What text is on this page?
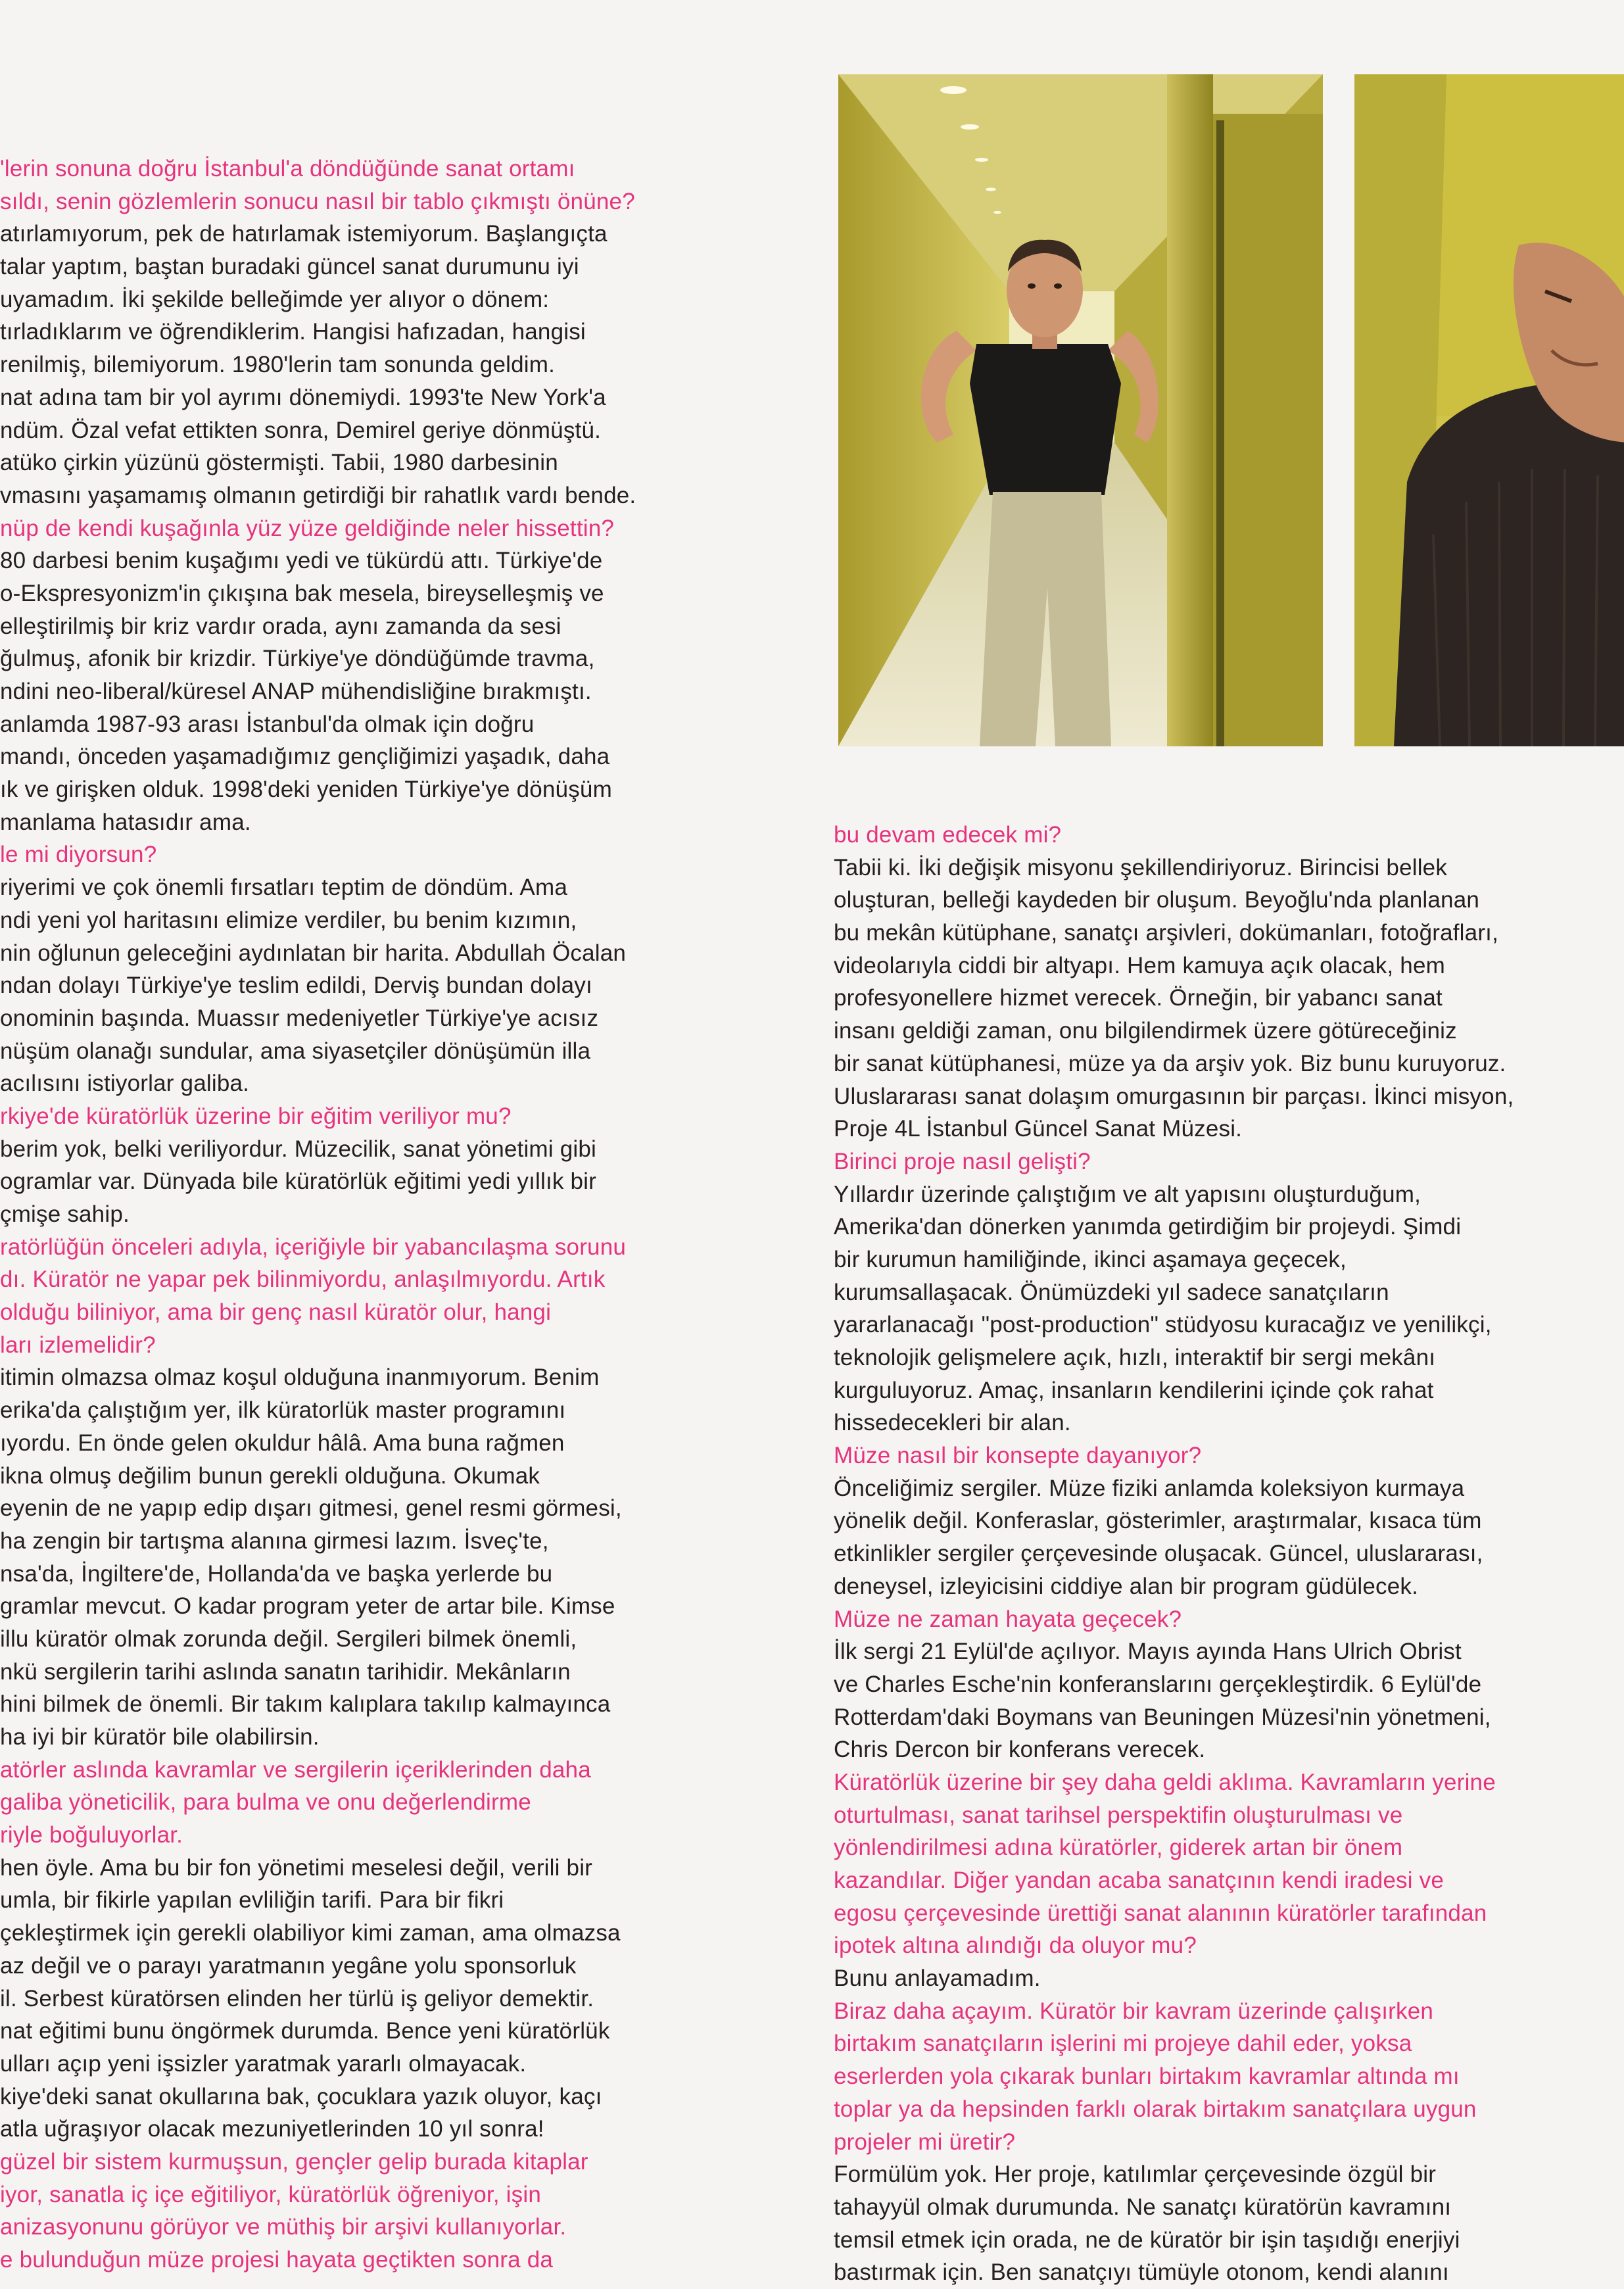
'lerin sonuna doğru İstanbul'a döndüğünde sanat ortamı
sıldı, senin gözlemlerin sonucu nasıl bir tablo çıkmıştı önüne?
atırlamıyorum, pek de hatırlamak istemiyorum. Başlangıçta
talar yaptım, baştan buradaki güncel sanat durumunu iyi
uyamadım. İki şekilde belleğimde yer alıyor o dönem:
tırladıklarım ve öğrendiklerim. Hangisi hafızadan, hangisi
renilmiş, bilemiyorum. 1980'lerin tam sonunda geldim.
nat adına tam bir yol ayrımı dönemiydi. 1993'te New York'a
ndüm. Özal vefat ettikten sonra, Demirel geriye dönmüştü.
atüko çirkin yüzünü göstermişti. Tabii, 1980 darbesinin
vmasını yaşamamış olmanın getirdiği bir rahatlık vardı bende.
nüp de kendi kuşağınla yüz yüze geldiğinde neler hissettin?
80 darbesi benim kuşağımı yedi ve tükürdü attı. Türkiye'de
o-Ekspresyonizm'in çıkışına bak mesela, bireyselleşmiş ve
elleştirilmiş bir kriz vardır orada, aynı zamanda da sesi
ğulmuş, afonik bir krizdir. Türkiye'ye döndüğümde travma,
ndini neo-liberal/küresel ANAP mühendisliğine bırakmıştı.
anlamda 1987-93 arası İstanbul'da olmak için doğru
mandı, önceden yaşamadığımız gençliğimizi yaşadık, daha
ık ve girişken olduk. 1998'deki yeniden Türkiye'ye dönüşüm
manlama hatasıdır ama.
le mi diyorsun?
riyerimi ve çok önemli fırsatları teptim de döndüm. Ama
ndi yeni yol haritasını elimize verdiler, bu benim kızımın,
nin oğlunun geleceğini aydınlatan bir harita. Abdullah Öcalan
ndan dolayı Türkiye'ye teslim edildi, Derviş bundan dolayı
onominin başında. Muassır medeniyetler Türkiye'ye acısız
nüşüm olanağı sundular, ama siyasetçiler dönüşümün illa
acılısını istiyorlar galiba.
rkiye'de küratörlük üzerine bir eğitim veriliyor mu?
berim yok, belki veriliyordur. Müzecilik, sanat yönetimi gibi
ogramlar var. Dünyada bile küratörlük eğitimi yedi yıllık bir
çmişe sahip.
ratörlüğün önceleri adıyla, içeriğiyle bir yabancılaşma sorunu
dı. Küratör ne yapar pek bilinmiyordu, anlaşılmıyordu. Artık
olduğu biliniyor, ama bir genç nasıl küratör olur, hangi
ları izlemelidir?
itimin olmazsa olmaz koşul olduğuna inanmıyorum. Benim
erika'da çalıştığım yer, ilk küratorlük master programını
ıyordu. En önde gelen okuldur hâlâ. Ama buna rağmen
ikna olmuş değilim bunun gerekli olduğuna. Okumak
eyenin de ne yapıp edip dışarı gitmesi, genel resmi görmesi,
ha zengin bir tartışma alanına girmesi lazım. İsveç'te,
nsa'da, İngiltere'de, Hollanda'da ve başka yerlerde bu
gramlar mevcut. O kadar program yeter de artar bile. Kimse
illu küratör olmak zorunda değil. Sergileri bilmek önemli,
nkü sergilerin tarihi aslında sanatın tarihidir. Mekânların
hini bilmek de önemli. Bir takım kalıplara takılıp kalmayınca
ha iyi bir küratör bile olabilirsin.
atörler aslında kavramlar ve sergilerin içeriklerinden daha
galiba yöneticilik, para bulma ve onu değerlendirme
riyle boğuluyorlar.
hen öyle. Ama bu bir fon yönetimi meselesi değil, verili bir
umla, bir fikirle yapılan evliliğin tarifi. Para bir fikri
çekleştirmek için gerekli olabiliyor kimi zaman, ama olmazsa
az değil ve o parayı yaratmanın yegâne yolu sponsorluk
il. Serbest küratörsen elinden her türlü iş geliyor demektir.
nat eğitimi bunu öngörmek durumda. Bence yeni küratörlük
ulları açıp yeni işsizler yaratmak yararlı olmayacak.
kiye'deki sanat okullarına bak, çocuklara yazık oluyor, kaçı
atla uğraşıyor olacak mezuniyetlerinden 10 yıl sonra!
güzel bir sistem kurmuşsun, gençler gelip burada kitaplar
iyor, sanatla iç içe eğitiliyor, küratörlük öğreniyor, işin
anizasyonunu görüyor ve müthiş bir arşivi kullanıyorlar.
e bulunduğun müze projesi hayata geçtikten sonra da
bu devam edecek mi?
Tabii ki. İki değişik misyonu şekillendiriyoruz. Birincisi bellek
oluşturan, belleği kaydeden bir oluşum. Beyoğlu'nda planlanan
bu mekân kütüphane, sanatçı arşivleri, dokümanları, fotoğrafları,
videolarıyla ciddi bir altyapı. Hem kamuya açık olacak, hem
profesyonellere hizmet verecek. Örneğin, bir yabancı sanat
insanı geldiği zaman, onu bilgilendirmek üzere götüreceğiniz
bir sanat kütüphanesi, müze ya da arşiv yok. Biz bunu kuruyoruz.
Uluslararası sanat dolaşım omurgasının bir parçası. İkinci misyon,
Proje 4L İstanbul Güncel Sanat Müzesi.
Birinci proje nasıl gelişti?
Yıllardır üzerinde çalıştığım ve alt yapısını oluşturduğum,
Amerika'dan dönerken yanımda getirdiğim bir projeydi. Şimdi
bir kurumun hamiliğinde, ikinci aşamaya geçecek,
kurumsallaşacak. Önümüzdeki yıl sadece sanatçıların
yararlanacağı "post-production" stüdyosu kuracağız ve yenilikçi,
teknolojik gelişmelere açık, hızlı, interaktif bir sergi mekânı
kurguluyoruz. Amaç, insanların kendilerini içinde çok rahat
hissedecekleri bir alan.
Müze nasıl bir konsepte dayanıyor?
Önceliğimiz sergiler. Müze fiziki anlamda koleksiyon kurmaya
yönelik değil. Konferaslar, gösterimler, araştırmalar, kısaca tüm
etkinlikler sergiler çerçevesinde oluşacak. Güncel, uluslararası,
deneysel, izleyicisini ciddiye alan bir program güdülecek.
Müze ne zaman hayata geçecek?
İlk sergi 21 Eylül'de açılıyor. Mayıs ayında Hans Ulrich Obrist
ve Charles Esche'nin konferanslarını gerçekleştirdik. 6 Eylül'de
Rotterdam'daki Boymans van Beuningen Müzesi'nin yönetmeni,
Chris Dercon bir konferans verecek.
Küratörlük üzerine bir şey daha geldi aklıma. Kavramların yerine
oturtulması, sanat tarihsel perspektifin oluşturulması ve
yönlendirilmesi adına küratörler, giderek artan bir önem
kazandılar. Diğer yandan acaba sanatçının kendi iradesi ve
egosu çerçevesinde ürettiği sanat alanının küratörler tarafından
ipotek altına alındığı da oluyor mu?
Bunu anlayamadım.
Biraz daha açayım. Küratör bir kavram üzerinde çalışırken
birtakım sanatçıların işlerini mi projeye dahil eder, yoksa
eserlerden yola çıkarak bunları birtakım kavramlar altında mı
toplar ya da hepsinden farklı olarak birtakım sanatçılara uygun
projeler mi üretir?
Formülüm yok. Her proje, katılımlar çerçevesinde özgül bir
tahayyül olmak durumunda. Ne sanatçı küratörün kavramını
temsil etmek için orada, ne de küratör bir işin taşıdığı enerjiyi
bastırmak için. Ben sanatçıyı tümüyle otonom, kendi alanını
